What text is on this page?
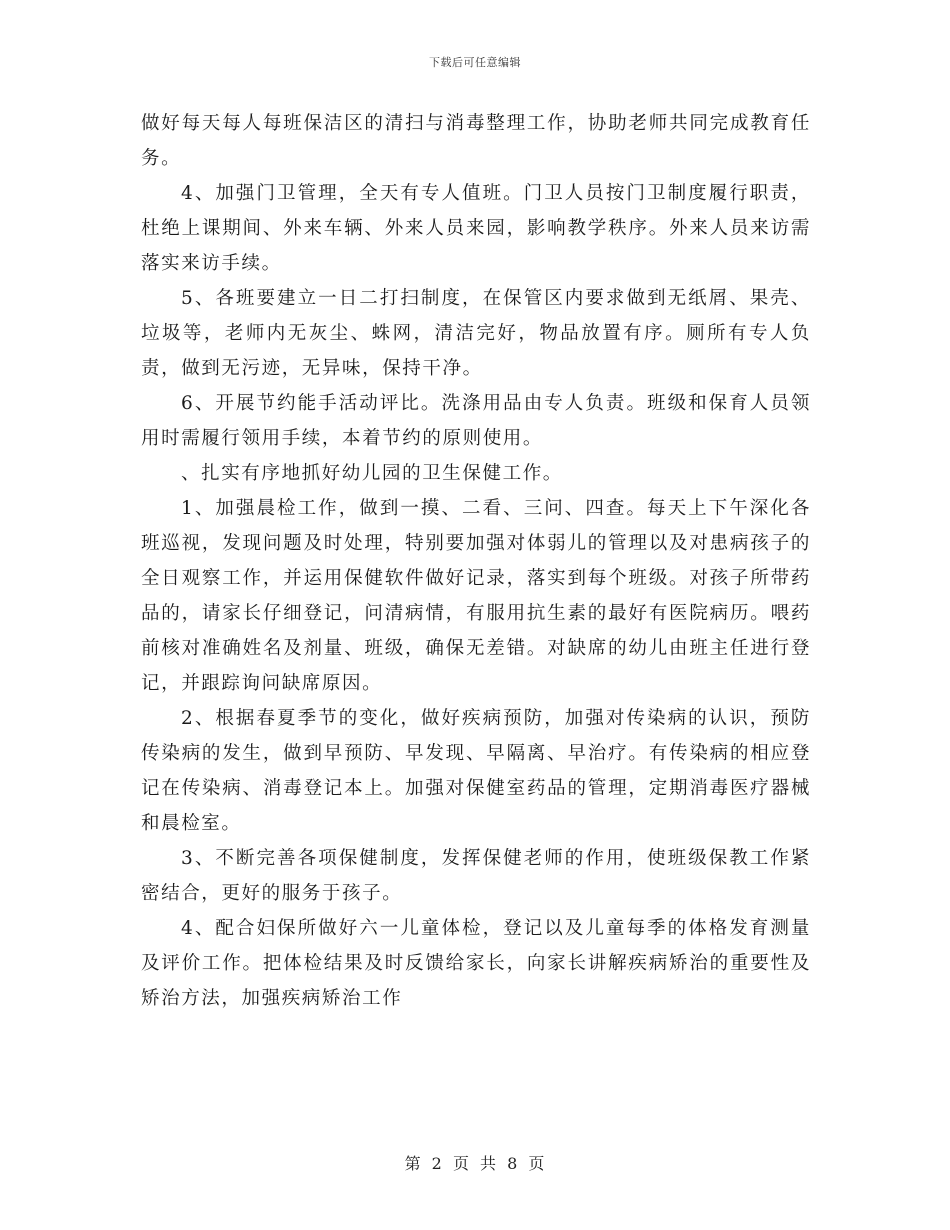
下载后可任意编辑

做好每天每人每班保洁区的清扫与消毒整理工作，协助老师共同完成教育任务。

4、加强门卫管理，全天有专人值班。门卫人员按门卫制度履行职责，杜绝上课期间、外来车辆、外来人员来园，影响教学秩序。外来人员来访需落实来访手续。

5、各班要建立一日二打扫制度，在保管区内要求做到无纸屑、果壳、垃圾等，老师内无灰尘、蛛网，清洁完好，物品放置有序。厕所有专人负责，做到无污迹，无异味，保持干净。

6、开展节约能手活动评比。洗涤用品由专人负责。班级和保育人员领用时需履行领用手续，本着节约的原则使用。

、扎实有序地抓好幼儿园的卫生保健工作。

1、加强晨检工作，做到一摸、二看、三问、四查。每天上下午深化各班巡视，发现问题及时处理，特别要加强对体弱儿的管理以及对患病孩子的全日观察工作，并运用保健软件做好记录，落实到每个班级。对孩子所带药品的，请家长仔细登记，问清病情，有服用抗生素的最好有医院病历。喂药前核对准确姓名及剂量、班级，确保无差错。对缺席的幼儿由班主任进行登记，并跟踪询问缺席原因。

2、根据春夏季节的变化，做好疾病预防，加强对传染病的认识，预防传染病的发生，做到早预防、早发现、早隔离、早治疗。有传染病的相应登记在传染病、消毒登记本上。加强对保健室药品的管理，定期消毒医疗器械和晨检室。

3、不断完善各项保健制度，发挥保健老师的作用，使班级保教工作紧密结合，更好的服务于孩子。

4、配合妇保所做好六一儿童体检，登记以及儿童每季的体格发育测量及评价工作。把体检结果及时反馈给家长，向家长讲解疾病矫治的重要性及矫治方法，加强疾病矫治工作

第 2 页 共 8 页
